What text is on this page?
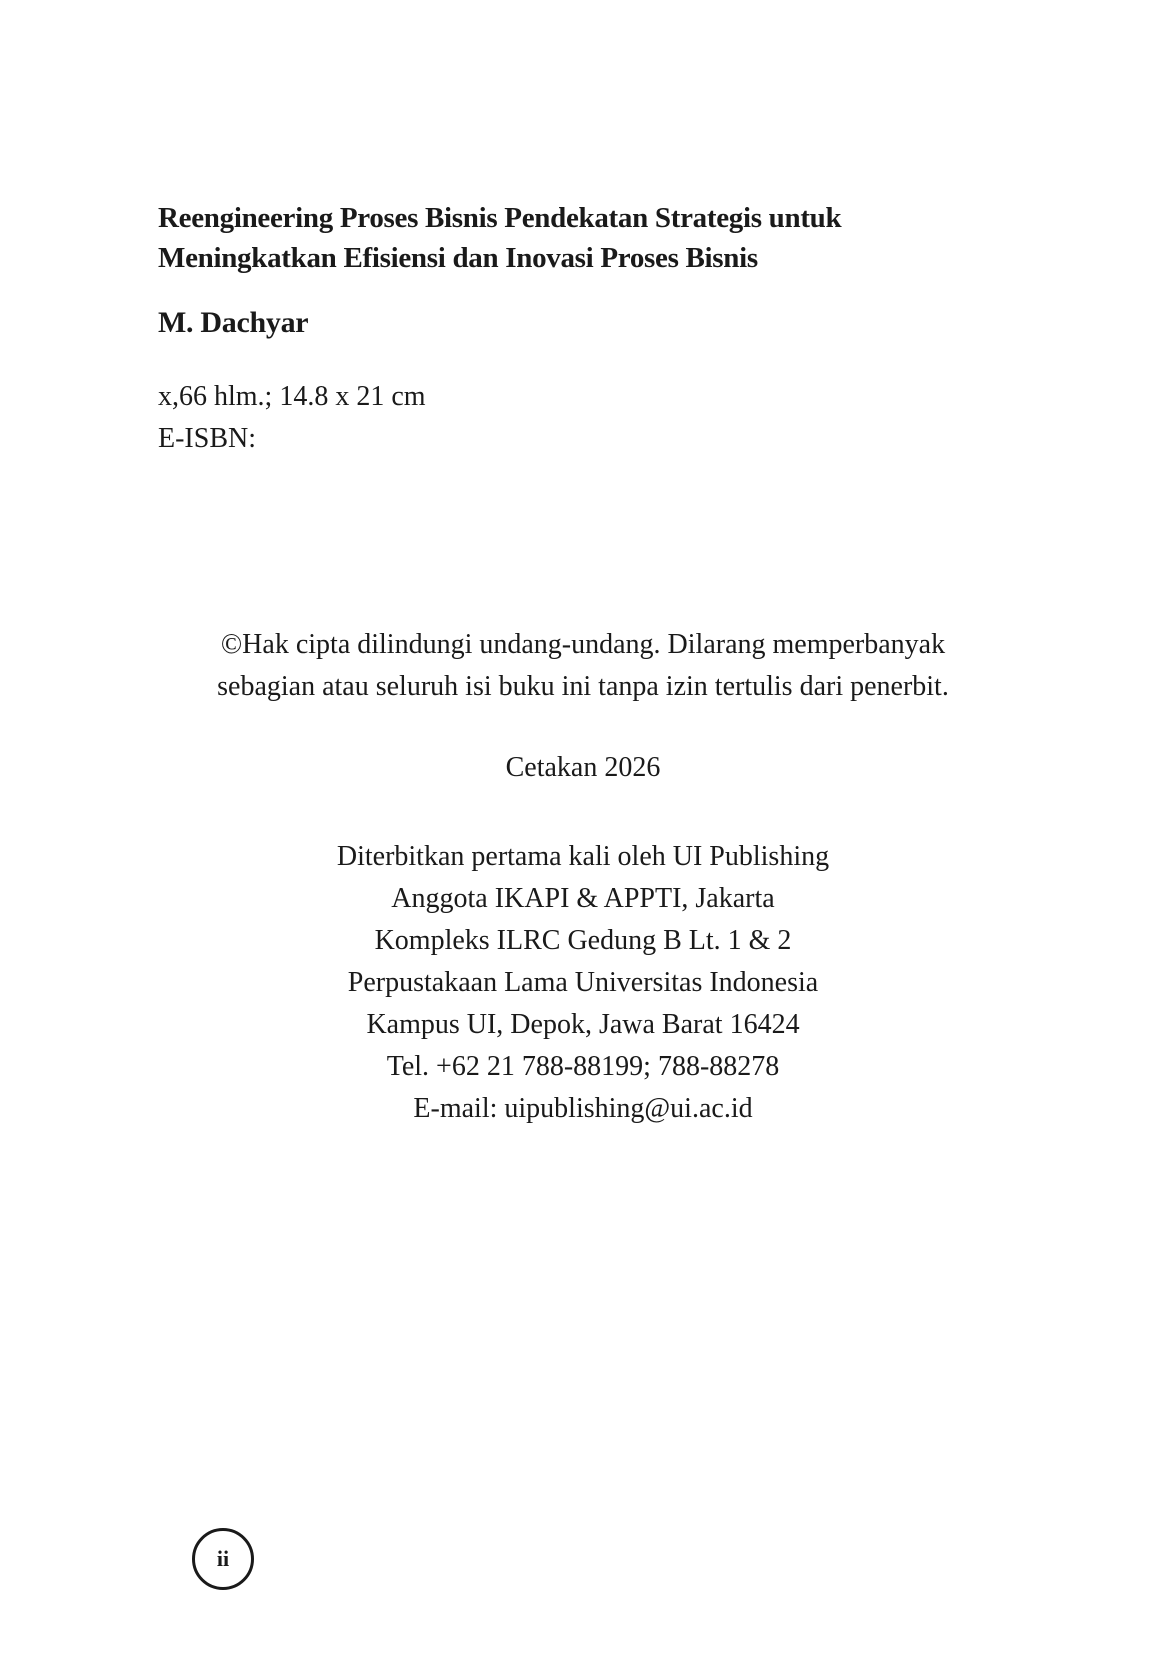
Reengineering Proses Bisnis Pendekatan Strategis untuk
Meningkatkan Efisiensi dan Inovasi Proses Bisnis
M. Dachyar
x,66 hlm.; 14.8 x 21 cm
E-ISBN:
©Hak cipta dilindungi undang-undang. Dilarang memperbanyak
sebagian atau seluruh isi buku ini tanpa izin tertulis dari penerbit.
Cetakan 2026
Diterbitkan pertama kali oleh UI Publishing
Anggota IKAPI & APPTI, Jakarta
Kompleks ILRC Gedung B Lt. 1 & 2
Perpustakaan Lama Universitas Indonesia
Kampus UI, Depok, Jawa Barat 16424
Tel. +62 21 788-88199; 788-88278
E-mail: uipublishing@ui.ac.id
ii
